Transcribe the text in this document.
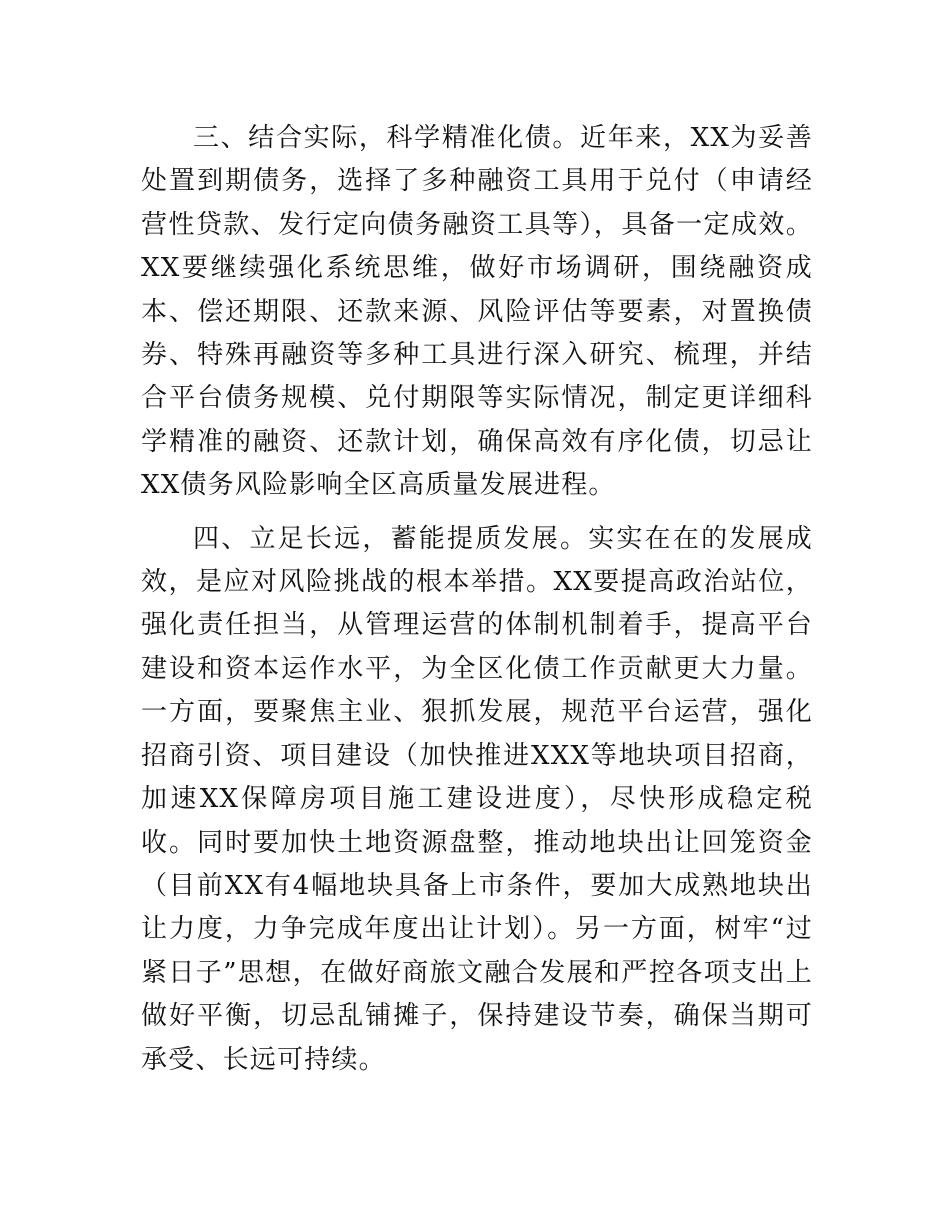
三、结合实际，科学精准化债。近年来，XX为妥善处置到期债务，选择了多种融资工具用于兑付（申请经营性贷款、发行定向债务融资工具等），具备一定成效。XX要继续强化系统思维，做好市场调研，围绕融资成本、偿还期限、还款来源、风险评估等要素，对置换债券、特殊再融资等多种工具进行深入研究、梳理，并结合平台债务规模、兑付期限等实际情况，制定更详细科学精准的融资、还款计划，确保高效有序化债，切忌让XX债务风险影响全区高质量发展进程。

四、立足长远，蓄能提质发展。实实在在的发展成效，是应对风险挑战的根本举措。XX要提高政治站位，强化责任担当，从管理运营的体制机制着手，提高平台建设和资本运作水平，为全区化债工作贡献更大力量。一方面，要聚焦主业、狠抓发展，规范平台运营，强化招商引资、项目建设（加快推进XXX等地块项目招商，加速XX保障房项目施工建设进度），尽快形成稳定税收。同时要加快土地资源盘整，推动地块出让回笼资金（目前XX有4幅地块具备上市条件，要加大成熟地块出让力度，力争完成年度出让计划）。另一方面，树牢“过紧日子”思想，在做好商旅文融合发展和严控各项支出上做好平衡，切忌乱铺摊子，保持建设节奏，确保当期可承受、长远可持续。
